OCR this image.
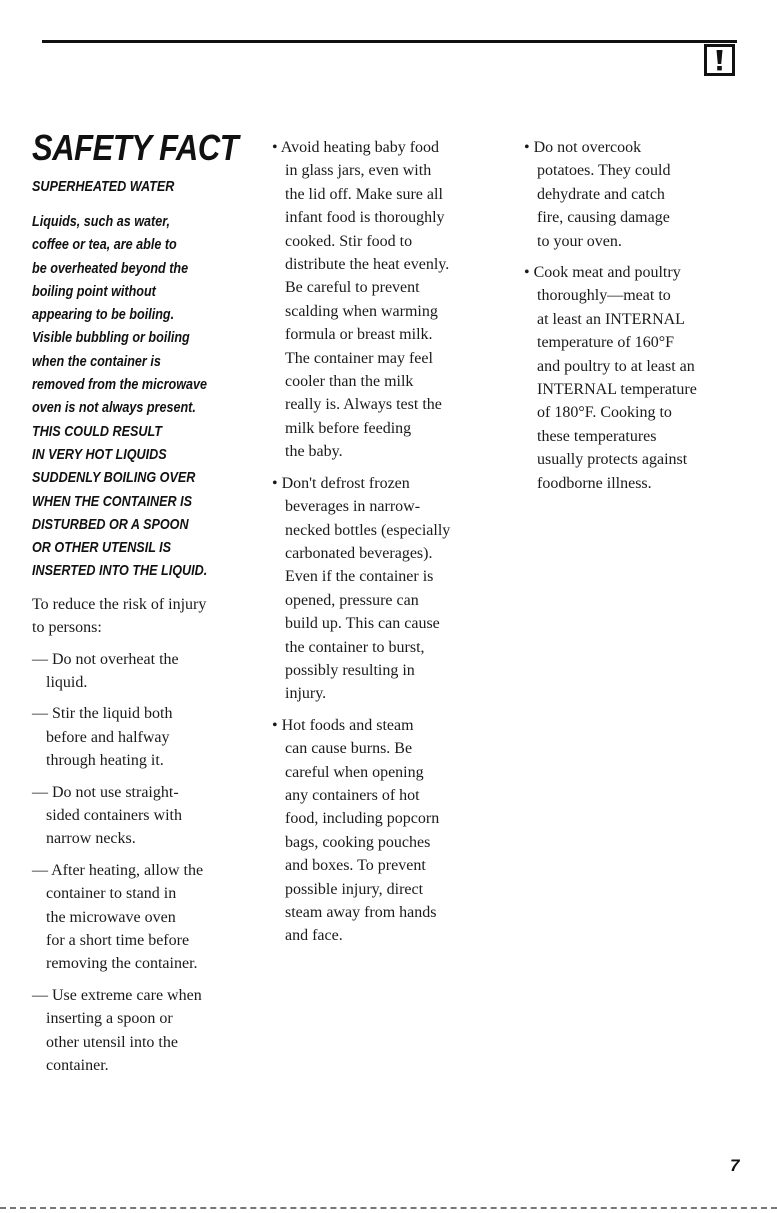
SAFETY FACT
SUPERHEATED WATER
Liquids, such as water,
coffee or tea, are able to
be overheated beyond the
boiling point without
appearing to be boiling.
Visible bubbling or boiling
when the container is
removed from the microwave
oven is not always present.
THIS COULD RESULT
IN VERY HOT LIQUIDS
SUDDENLY BOILING OVER
WHEN THE CONTAINER IS
DISTURBED OR A SPOON
OR OTHER UTENSIL IS
INSERTED INTO THE LIQUID.
To reduce the risk of injury
to persons:
— Do not overheat the
liquid.
— Stir the liquid both
before and halfway
through heating it.
— Do not use straight-
sided containers with
narrow necks.
— After heating, allow the
container to stand in
the microwave oven
for a short time before
removing the container.
— Use extreme care when
inserting a spoon or
other utensil into the
container.
• Avoid heating baby food
in glass jars, even with
the lid off. Make sure all
infant food is thoroughly
cooked. Stir food to
distribute the heat evenly.
Be careful to prevent
scalding when warming
formula or breast milk.
The container may feel
cooler than the milk
really is. Always test the
milk before feeding
the baby.
• Don't defrost frozen
beverages in narrow-
necked bottles (especially
carbonated beverages).
Even if the container is
opened, pressure can
build up. This can cause
the container to burst,
possibly resulting in
injury.
• Hot foods and steam
can cause burns. Be
careful when opening
any containers of hot
food, including popcorn
bags, cooking pouches
and boxes. To prevent
possible injury, direct
steam away from hands
and face.
• Do not overcook
potatoes. They could
dehydrate and catch
fire, causing damage
to your oven.
• Cook meat and poultry
thoroughly—meat to
at least an INTERNAL
temperature of 160°F
and poultry to at least an
INTERNAL temperature
of 180°F. Cooking to
these temperatures
usually protects against
foodborne illness.
7
